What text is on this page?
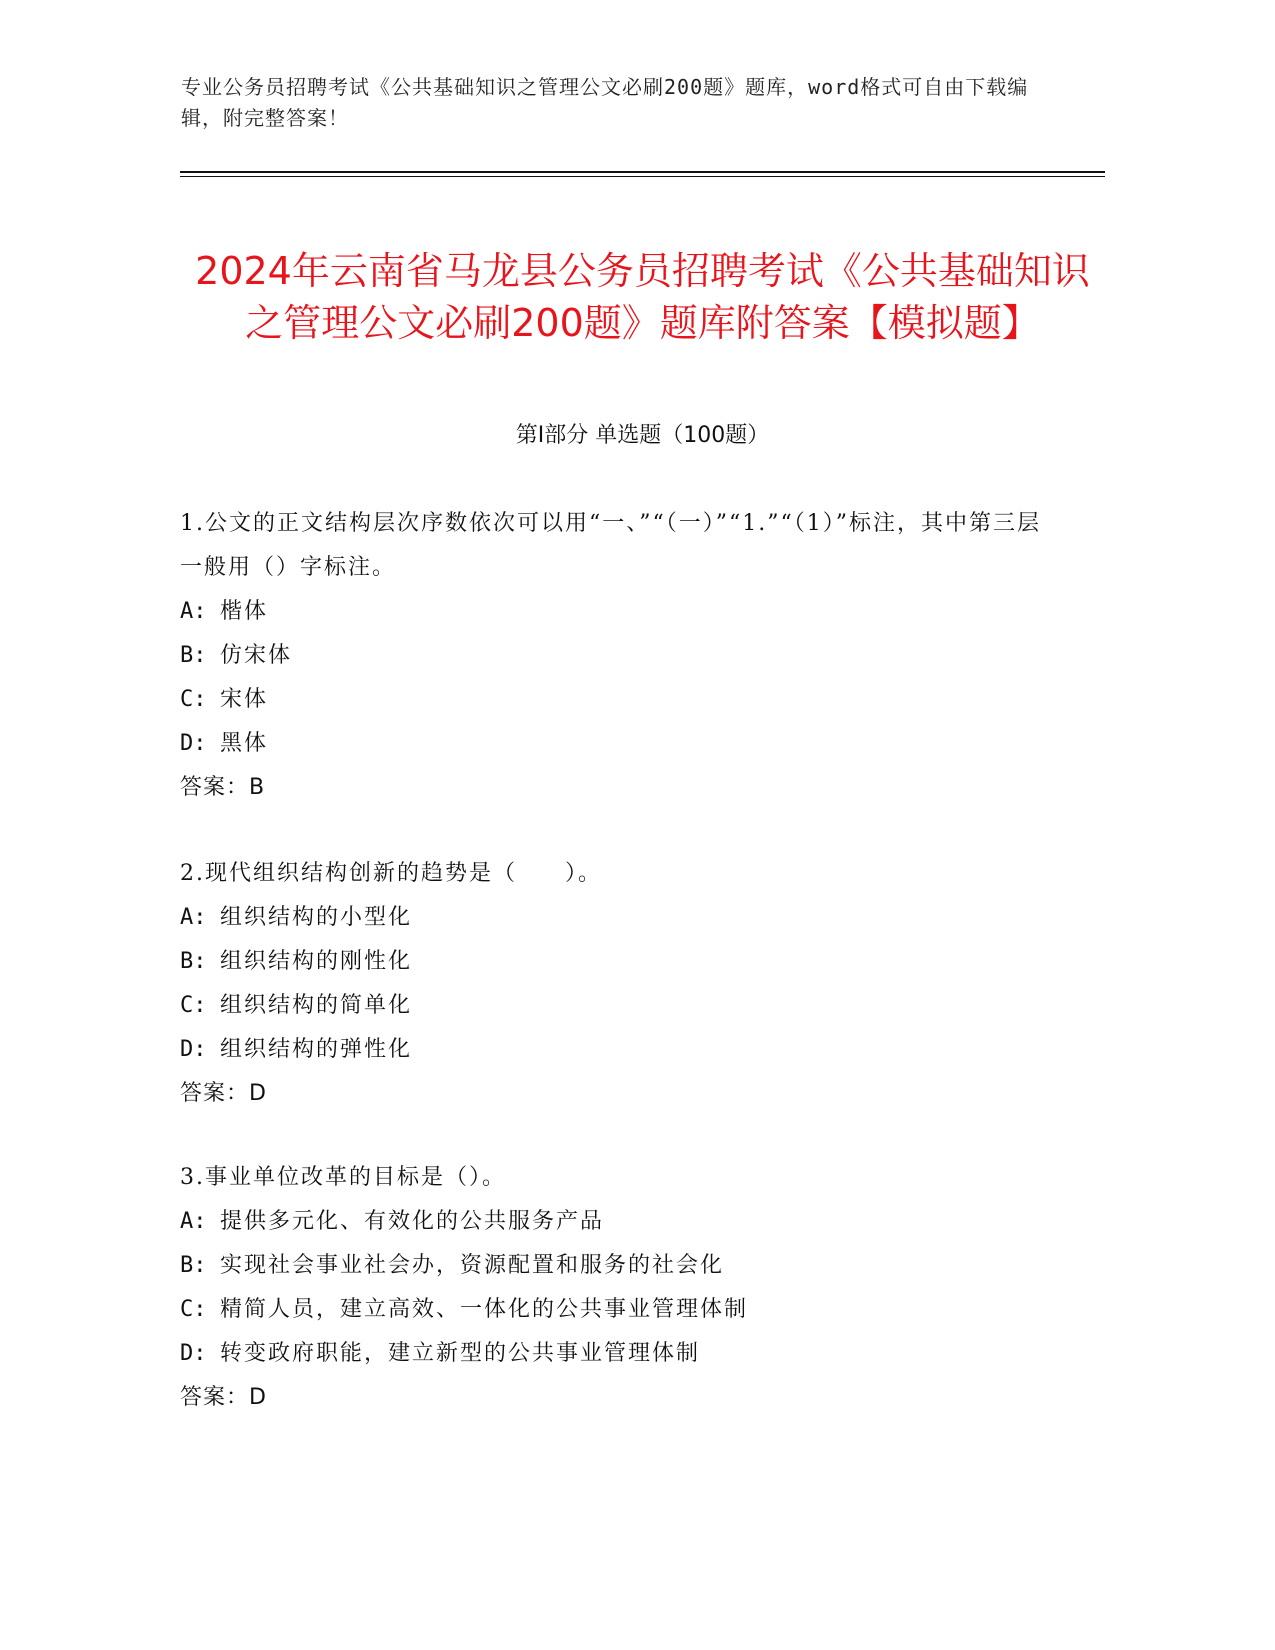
专业公务员招聘考试《公共基础知识之管理公文必刷200题》题库，word格式可自由下载编辑，附完整答案！
2024年云南省马龙县公务员招聘考试《公共基础知识之管理公文必刷200题》题库附答案【模拟题】
第Ⅰ部分 单选题（100题）
1.公文的正文结构层次序数依次可以用“一、”“（一）”“1.”“（1）”标注，其中第三层一般用（）字标注。
A: 楷体
B: 仿宋体
C: 宋体
D: 黑体
答案：B
2.现代组织结构创新的趋势是（　　）。
A: 组织结构的小型化
B: 组织结构的刚性化
C: 组织结构的简单化
D: 组织结构的弹性化
答案：D
3.事业单位改革的目标是（）。
A: 提供多元化、有效化的公共服务产品
B: 实现社会事业社会办，资源配置和服务的社会化
C: 精简人员，建立高效、一体化的公共事业管理体制
D: 转变政府职能，建立新型的公共事业管理体制
答案：D
